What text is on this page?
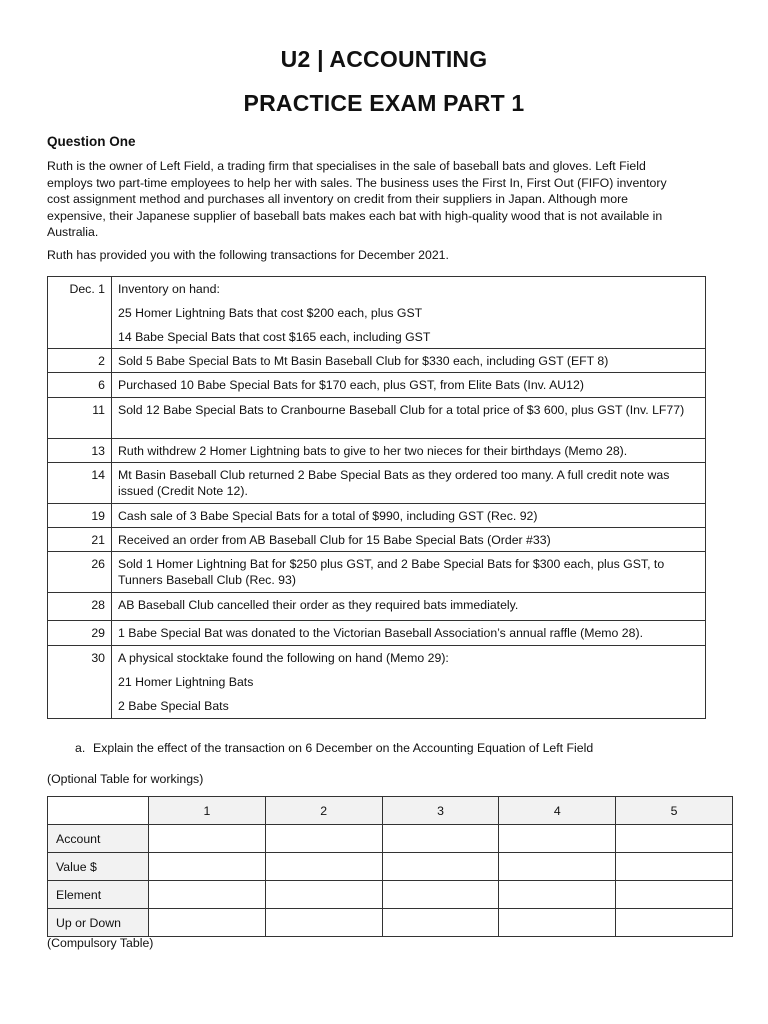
U2 | ACCOUNTING
PRACTICE EXAM PART 1
Question One
Ruth is the owner of Left Field, a trading firm that specialises in the sale of baseball bats and gloves. Left Field
employs two part-time employees to help her with sales. The business uses the First In, First Out (FIFO) inventory
cost assignment method and purchases all inventory on credit from their suppliers in Japan. Although more
expensive, their Japanese supplier of baseball bats makes each bat with high-quality wood that is not available in
Australia.
Ruth has provided you with the following transactions for December 2021.
Dec. 1	Inventory on hand:
25 Homer Lightning Bats that cost $200 each, plus GST
14 Babe Special Bats that cost $165 each, including GST

2	Sold 5 Babe Special Bats to Mt Basin Baseball Club for $330 each, including GST (EFT 8)

6	Purchased 10 Babe Special Bats for $170 each, plus GST, from Elite Bats (Inv. AU12)

11	Sold 12 Babe Special Bats to Cranbourne Baseball Club for a total price of $3 600, plus GST (Inv. LF77)

13	Ruth withdrew 2 Homer Lightning bats to give to her two nieces for their birthdays (Memo 28).

14	Mt Basin Baseball Club returned 2 Babe Special Bats as they ordered too many. A full credit note was issued (Credit Note 12).

19	Cash sale of 3 Babe Special Bats for a total of $990, including GST (Rec. 92)

21	Received an order from AB Baseball Club for 15 Babe Special Bats (Order #33)

26	Sold 1 Homer Lightning Bat for $250 plus GST, and 2 Babe Special Bats for $300 each, plus GST, to Tunners Baseball Club (Rec. 93)

28	AB Baseball Club cancelled their order as they required bats immediately.

29	1 Babe Special Bat was donated to the Victorian Baseball Association’s annual raffle (Memo 28).

30	A physical stocktake found the following on hand (Memo 29):
21 Homer Lightning Bats
2 Babe Special Bats
a. Explain the effect of the transaction on 6 December on the Accounting Equation of Left Field
(Optional Table for workings)
	1	2	3	4	5
Account					
Value $					
Element					
Up or Down					
(Compulsory Table)
